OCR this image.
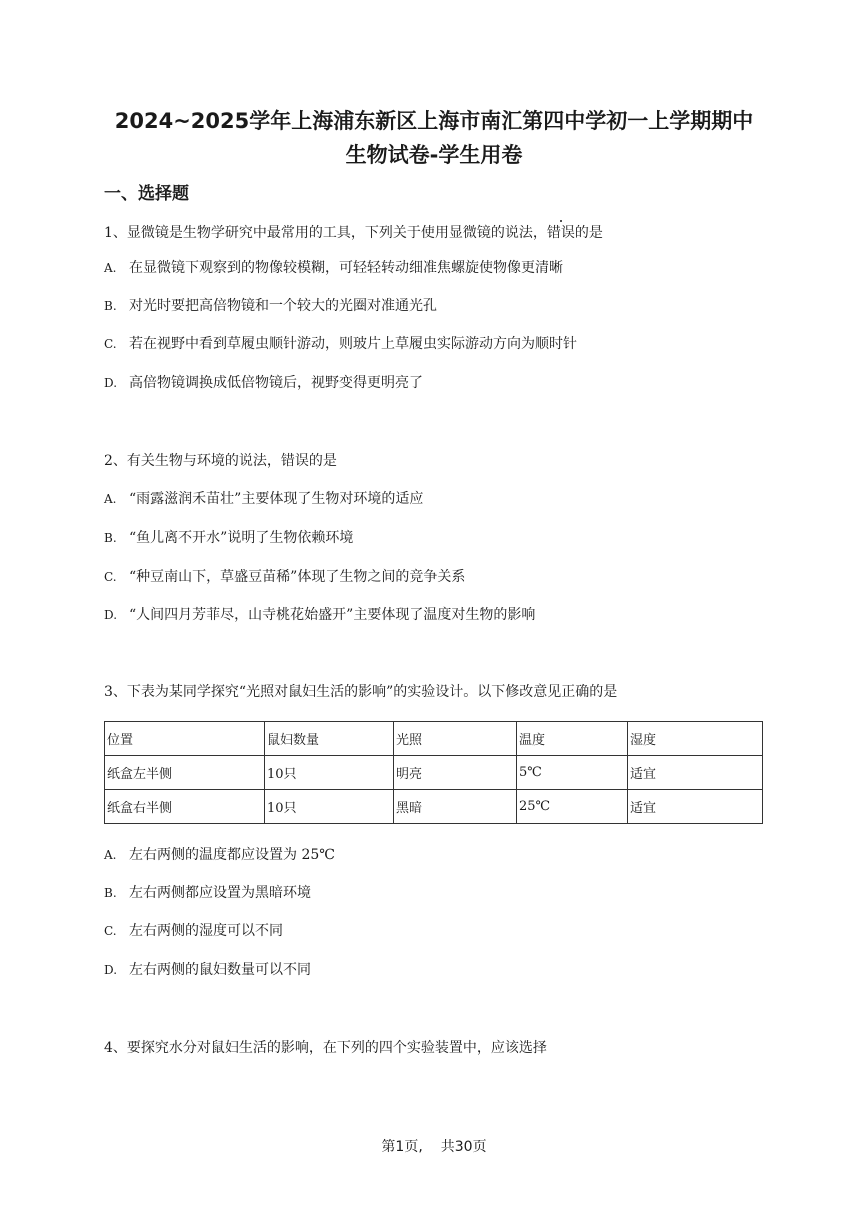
2024~2025学年上海浦东新区上海市南汇第四中学初一上学期期中
生物试卷-学生用卷
一、选择题
1、显微镜是生物学研究中最常用的工具，下列关于使用显微镜的说法，错误的是
A. 在显微镜下观察到的物像较模糊，可轻轻转动细准焦螺旋使物像更清晰
B. 对光时要把高倍物镜和一个较大的光圈对准通光孔
C. 若在视野中看到草履虫顺针游动，则玻片上草履虫实际游动方向为顺时针
D. 高倍物镜调换成低倍物镜后，视野变得更明亮了
2、有关生物与环境的说法，错误的是
A. “雨露滋润禾苗壮”主要体现了生物对环境的适应
B. “鱼儿离不开水”说明了生物依赖环境
C. “种豆南山下，草盛豆苗稀”体现了生物之间的竞争关系
D. “人间四月芳菲尽，山寺桃花始盛开”主要体现了温度对生物的影响
3、下表为某同学探究“光照对鼠妇生活的影响”的实验设计。以下修改意见正确的是
位置	鼠妇数量	光照	温度	湿度
纸盒左半侧	10只	明亮	5℃	适宜
纸盒右半侧	10只	黑暗	25℃	适宜
A. 左右两侧的温度都应设置为 25℃
B. 左右两侧都应设置为黑暗环境
C. 左右两侧的湿度可以不同
D. 左右两侧的鼠妇数量可以不同
4、要探究水分对鼠妇生活的影响，在下列的四个实验装置中，应该选择
第1页, 共30页
